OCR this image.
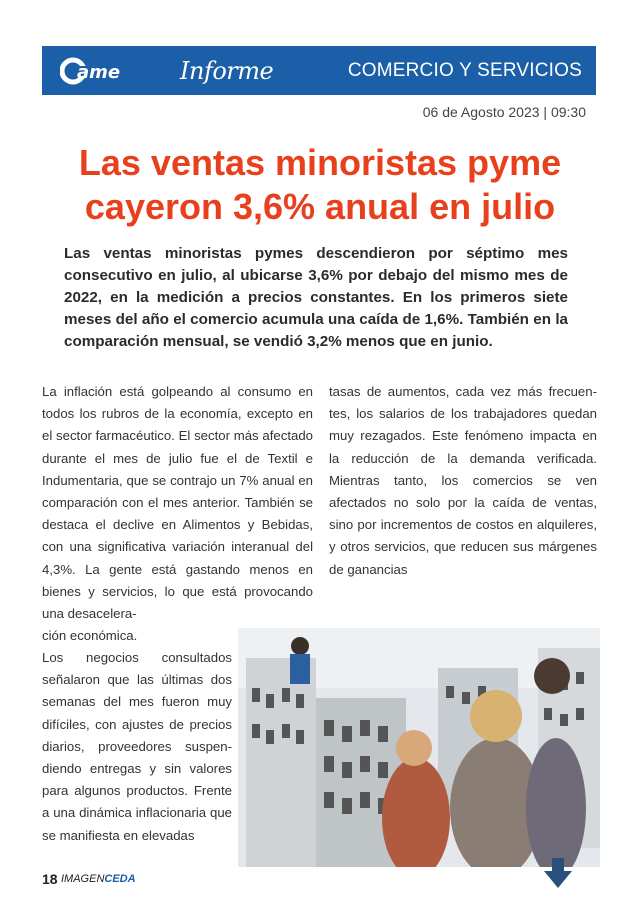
ame Informe	COMERCIO Y SERVICIOS
06 de Agosto 2023 | 09:30
Las ventas minoristas pyme
cayeron 3,6% anual en julio
Las ventas minoristas pymes descendieron por séptimo mes consecutivo en julio, al ubicarse 3,6% por debajo del mismo mes de 2022, en la medición a precios constantes. En los primeros siete meses del año el comercio acumula una caída de 1,6%. También en la comparación mensual, se vendió 3,2% menos que en junio.
La inflación está golpeando al consumo en todos los rubros de la economía, excepto en el sector farmacéutico. El sector más afectado durante el mes de julio fue el de Textil e Indumentaria, que se contrajo un 7% anual en comparación con el mes anterior. También se destaca el declive en Alimentos y Bebidas, con una significativa variación interanual del 4,3%. La gente está gastando menos en bienes y servicios, lo que está provocando una desacelera-
ción económica.
Los negocios consultados señalaron que las últimas dos semanas del mes fueron muy difíciles, con ajustes de precios diarios, proveedores suspen-diendo entregas y sin valores para algunos productos. Frente a una dinámica inflacionaria que se manifiesta en elevadas
tasas de aumentos, cada vez más frecuen-tes, los salarios de los trabajadores quedan muy rezagados. Este fenómeno impacta en la reducción de la demanda verificada. Mientras tanto, los comercios se ven afectados no solo por la caída de ventas, sino por incrementos de costos en alquileres, y otros servicios, que reducen sus márgenes de ganancias
18 IMAGENCEDA
